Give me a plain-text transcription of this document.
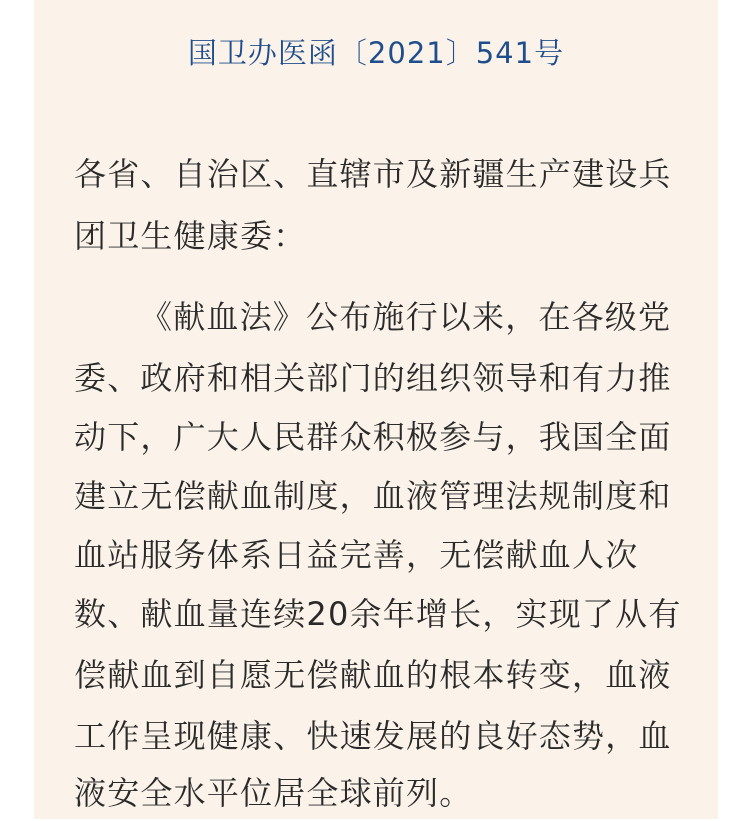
国卫办医函〔2021〕541号
各省、自治区、直辖市及新疆生产建设兵
团卫生健康委：
《献血法》公布施行以来，在各级党
委、政府和相关部门的组织领导和有力推
动下，广大人民群众积极参与，我国全面
建立无偿献血制度，血液管理法规制度和
血站服务体系日益完善，无偿献血人次
数、献血量连续20余年增长，实现了从有
偿献血到自愿无偿献血的根本转变，血液
工作呈现健康、快速发展的良好态势，血
液安全水平位居全球前列。
